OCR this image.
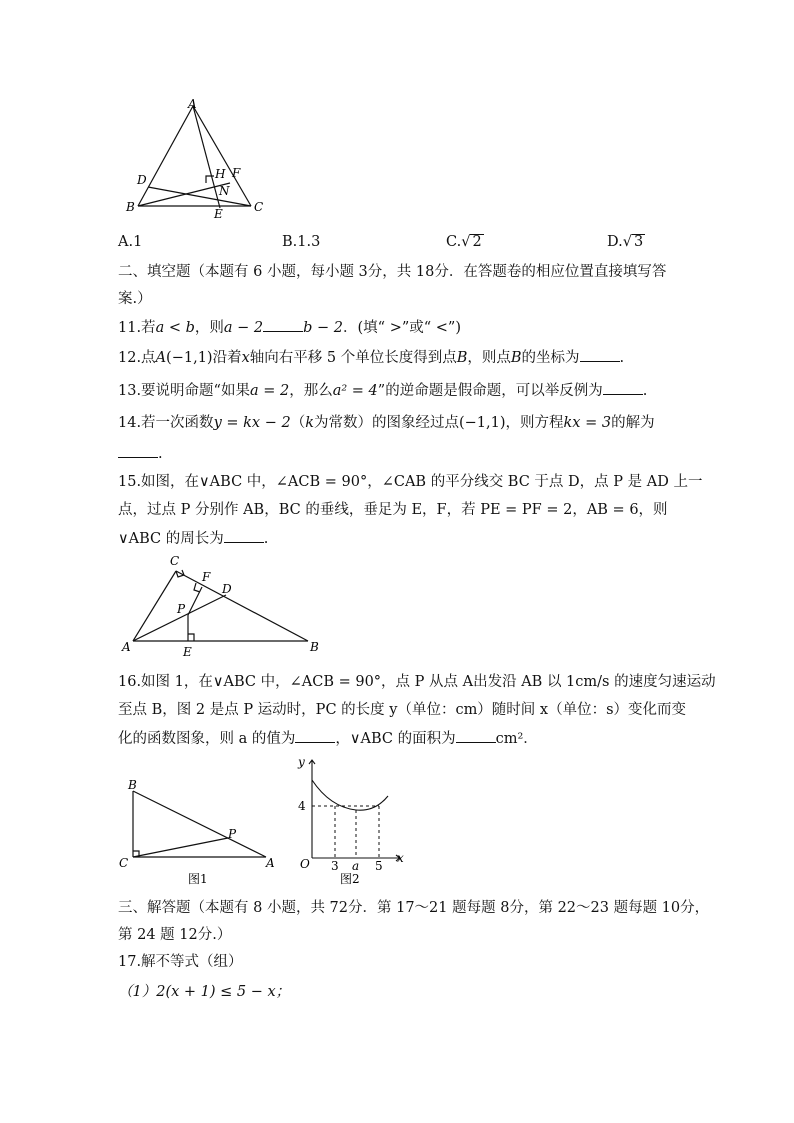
A
B	C
D
E
F
H
N
A.1	B.1.3	C.√ 2	D.√ 3
二、填空题（本题有 6 小题，每小题 3分，共 18分．在答题卷的相应位置直接填写答
案.）
11.若a < b，则a − 2	b − 2．(填“ >”或“ <”)
12.点A(−1,1)沿着x轴向右平移 5 个单位长度得到点B，则点B的坐标为	.
13.要说明命题“如果a = 2，那么a² = 4”的逆命题是假命题，可以举反例为	.
14.若一次函数y = kx − 2（k为常数）的图象经过点(−1,1)，则方程kx = 3的解为
.
15.如图，在∨ABC 中，∠ACB = 90°，∠CAB 的平分线交 BC 于点 D，点 P 是 AD 上一
点，过点 P 分别作 AB，BC 的垂线，垂足为 E，F，若 PE = PF = 2，AB = 6，则
∨ABC 的周长为	.
C
A	B
D
F
P
E
16.如图 1，在∨ABC 中，∠ACB = 90°，点 P 从点 A出发沿 AB 以 1cm/s 的速度匀速运动
至点 B，图 2 是点 P 运动时，PC 的长度 y（单位：cm）随时间 x（单位：s）变化而变
化的函数图象，则 a 的值为	，∨ABC 的面积为	cm²．
B
C	A
P
图1
y
x
O
4
3 a 5
图2
三、解答题（本题有 8 小题，共 72分．第 17～21 题每题 8分，第 22～23 题每题 10分，
第 24 题 12分.）
17.解不等式（组）
（1）2(x + 1) ≤ 5 − x；
